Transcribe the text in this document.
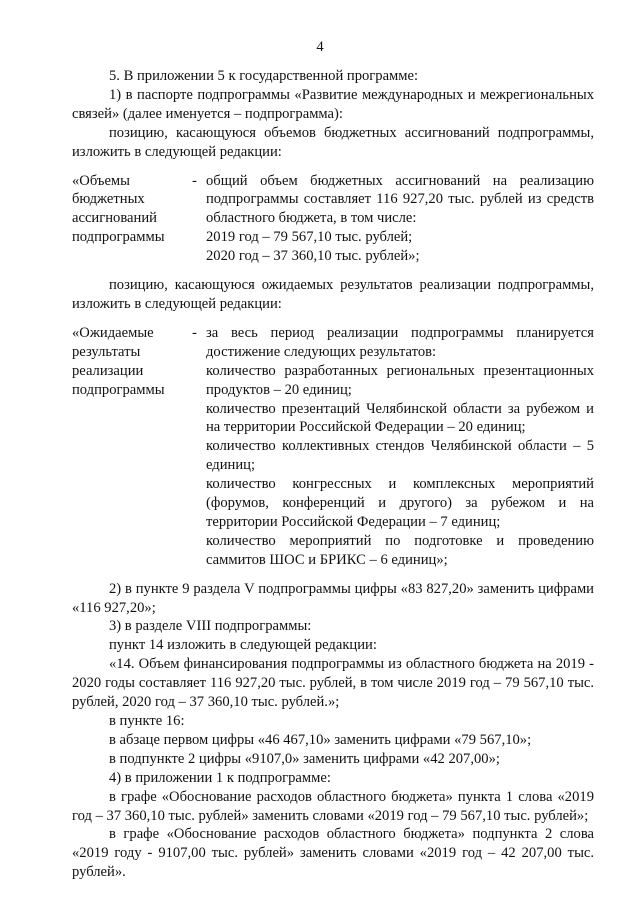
4

5. В приложении 5 к государственной программе:

1) в паспорте подпрограммы «Развитие международных и межрегиональных связей» (далее именуется – подпрограмма):

позицию, касающуюся объемов бюджетных ассигнований подпрограммы, изложить в следующей редакции:

«Объемы бюджетных ассигнований подпрограммы
- общий объем бюджетных ассигнований на реализацию подпрограммы составляет 116 927,20 тыс. рублей из средств областного бюджета, в том числе:

2019 год – 79 567,10 тыс. рублей;

2020 год – 37 360,10 тыс. рублей»;

позицию, касающуюся ожидаемых результатов реализации подпрограммы, изложить в следующей редакции:

«Ожидаемые результаты реализации подпрограммы
- за весь период реализации подпрограммы планируется достижение следующих результатов:

количество разработанных региональных презентационных продуктов – 20 единиц;

количество презентаций Челябинской области за рубежом и на территории Российской Федерации – 20 единиц;

количество коллективных стендов Челябинской области – 5 единиц;

количество конгрессных и комплексных мероприятий (форумов, конференций и другого) за рубежом и на территории Российской Федерации – 7 единиц;

количество мероприятий по подготовке и проведению саммитов ШОС и БРИКС – 6 единиц»;

2) в пункте 9 раздела V подпрограммы цифры «83 827,20» заменить цифрами «116 927,20»;

3) в разделе VIII подпрограммы:

пункт 14 изложить в следующей редакции:

«14. Объем финансирования подпрограммы из областного бюджета на 2019 - 2020 годы составляет 116 927,20 тыс. рублей, в том числе 2019 год – 79 567,10 тыс. рублей, 2020 год – 37 360,10 тыс. рублей.»;

в пункте 16:

в абзаце первом цифры «46 467,10» заменить цифрами «79 567,10»;

в подпункте 2 цифры «9107,0» заменить цифрами «42 207,00»;

4) в приложении 1 к подпрограмме:

в графе «Обоснование расходов областного бюджета» пункта 1 слова «2019 год – 37 360,10 тыс. рублей» заменить словами «2019 год – 79 567,10 тыс. рублей»;

в графе «Обоснование расходов областного бюджета» подпункта 2 слова «2019 году - 9107,00 тыс. рублей» заменить словами «2019 год – 42 207,00 тыс. рублей».
